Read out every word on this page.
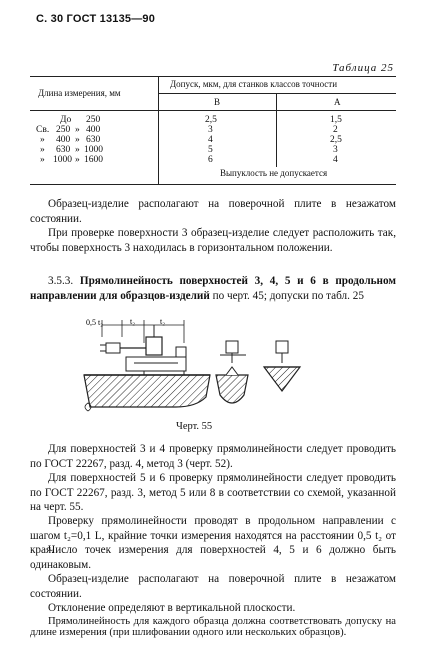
С. 30 ГОСТ 13135—90
Таблица 25
Длина измерения, мм
Допуск, мкм, для станков классов точности
В	А
До 250	2,5	1,5
Св. 250 » 400	3	2
» 400 » 630	4	2,5
» 630 » 1000	5	3
» 1000 » 1600	6	4
Выпуклость не допускается
Образец-изделие располагают на поверочной плите в незажатом состоянии.
При проверке поверхности 3 образец-изделие следует расположить так, чтобы поверхность 3 находилась в горизонтальном положении.
3.5.3. Прямолинейность поверхностей 3, 4, 5 и 6 в продольном направлении для образцов-изделий по черт. 45; допуски по табл. 25
0,5 t₂	t₂	t₂
Черт. 55
Для поверхностей 3 и 4 проверку прямолинейности следует проводить по ГОСТ 22267, разд. 4, метод 3 (черт. 52).
Для поверхностей 5 и 6 проверку прямолинейности следует проводить по ГОСТ 22267, разд. 3, метод 5 или 8 в соответствии со схемой, указанной на черт. 55.
Проверку прямолинейности проводят в продольном направлении с шагом t₂=0,1 L, крайние точки измерения находятся на расстоянии 0,5 t₂ от края.
Число точек измерения для поверхностей 4, 5 и 6 должно быть одинаковым.
Образец-изделие располагают на поверочной плите в незажатом состоянии.
Отклонение определяют в вертикальной плоскости.
Прямолинейность для каждого образца должна соответствовать допуску на длине измерения (при шлифовании одного или нескольких образцов).
